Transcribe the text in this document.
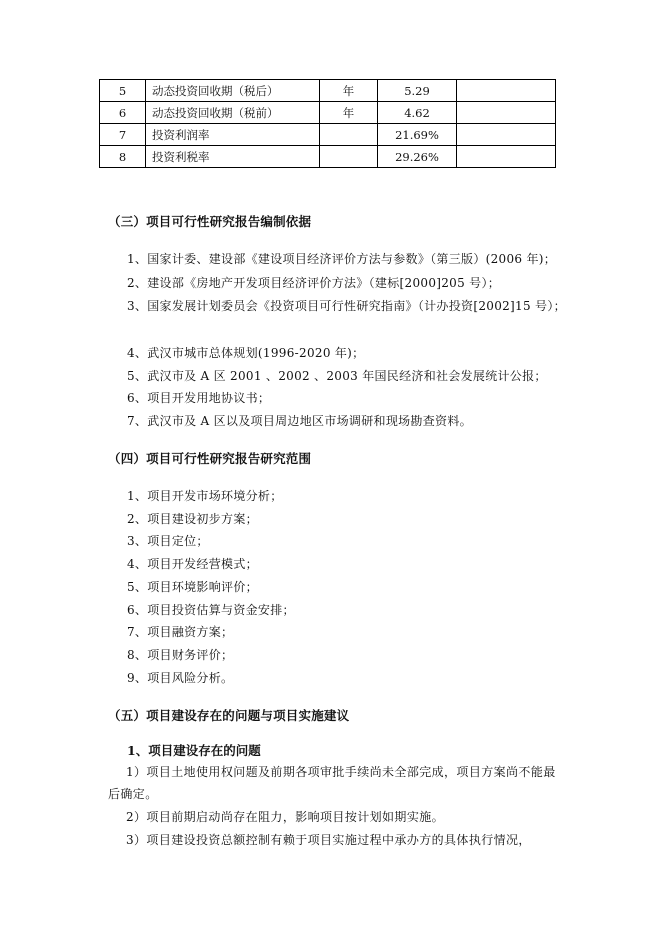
5	动态投资回收期（税后）	年	5.29	
6	动态投资回收期（税前）	年	4.62	
7	投资利润率		21.69%	
8	投资利税率		29.26%	
（三）项目可行性研究报告编制依据
1、国家计委、建设部《建设项目经济评价方法与参数》（第三版）(2006 年)；
2、建设部《房地产开发项目经济评价方法》（建标[2000]205 号）；
3、国家发展计划委员会《投资项目可行性研究指南》（计办投资[2002]15 号）；
4、武汉市城市总体规划(1996-2020 年)；
5、武汉市及 A 区 2001 、2002 、2003 年国民经济和社会发展统计公报；
6、项目开发用地协议书；
7、武汉市及 A 区以及项目周边地区市场调研和现场勘查资料。
（四）项目可行性研究报告研究范围
1、项目开发市场环境分析；
2、项目建设初步方案；
3、项目定位；
4、项目开发经营模式；
5、项目环境影响评价；
6、项目投资估算与资金安排；
7、项目融资方案；
8、项目财务评价；
9、项目风险分析。
（五）项目建设存在的问题与项目实施建议
1、项目建设存在的问题
1）项目土地使用权问题及前期各项审批手续尚未全部完成，项目方案尚不能最后确定。
2）项目前期启动尚存在阻力，影响项目按计划如期实施。
3）项目建设投资总额控制有赖于项目实施过程中承办方的具体执行情况，
